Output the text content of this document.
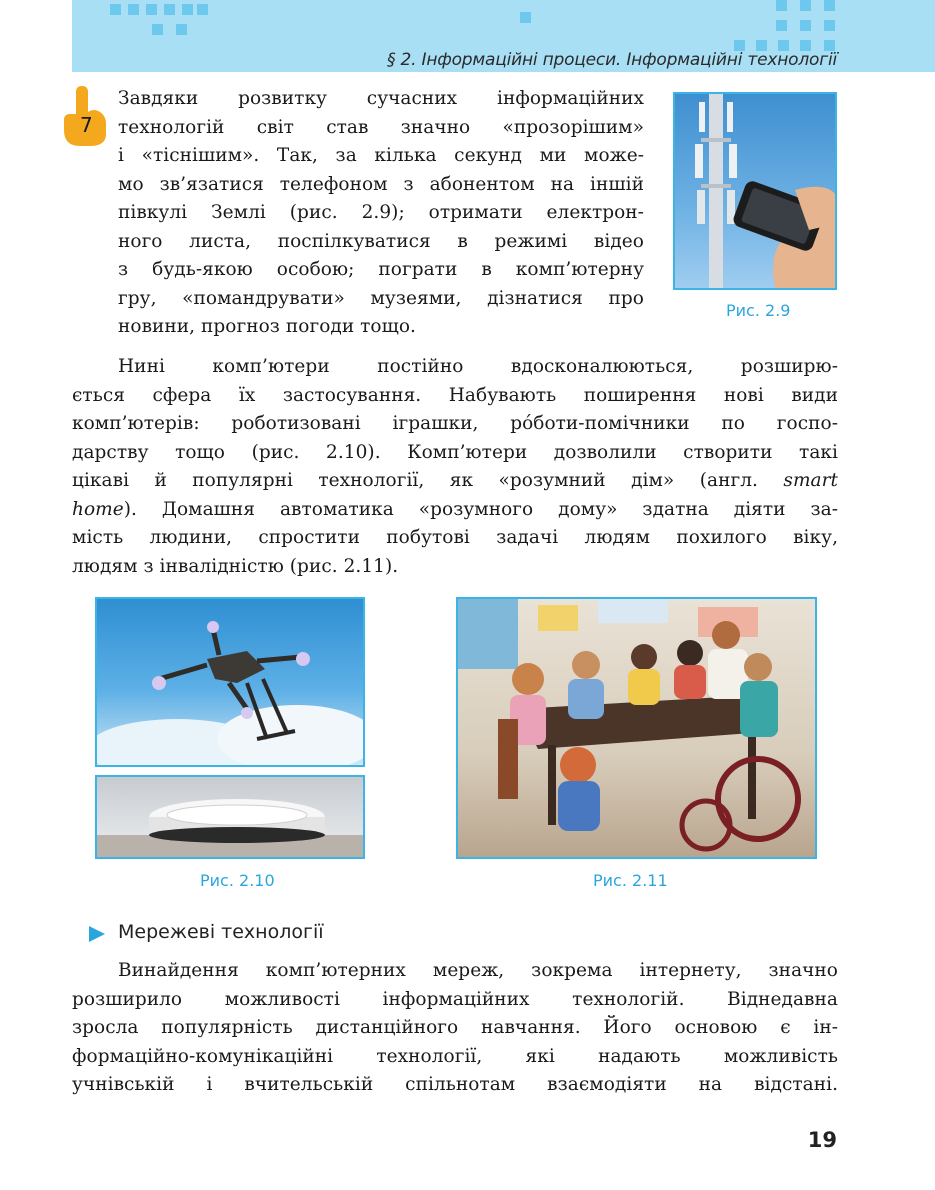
§ 2. Інформаційні процеси. Інформаційні технології
7
Завдяки розвитку сучасних інформаційних
технологій світ став значно «прозорішим»
і «тіснішим». Так, за кілька секунд ми може-
мо зв’язатися телефоном з абонентом на іншій
півкулі Землі (рис. 2.9); отримати електрон-
ного листа, поспілкуватися в режимі відео
з будь-якою особою; пограти в комп’ютерну
гру, «помандрувати» музеями, дізнатися про
новини, прогноз погоди тощо.
Рис. 2.9
Нині комп’ютери постійно вдосконалюються, розширю-
ється сфера їх застосування. Набувають поширення нові види
комп’ютерів: роботизовані іграшки, ро́боти-помічники по госпо-
дарству тощо (рис. 2.10). Комп’ютери дозволили створити такі
цікаві й популярні технології, як «розумний дім» (англ. smart
home). Домашня автоматика «розумного дому» здатна діяти за-
мість людини, спростити побутові задачі людям похилого віку,
людям з інвалідністю (рис. 2.11).
Рис. 2.10	Рис. 2.11
Мережеві технології
Винайдення комп’ютерних мереж, зокрема інтернету, значно
розширило можливості інформаційних технологій. Віднедавна
зросла популярність дистанційного навчання. Його основою є ін-
формаційно-комунікаційні технології, які надають можливість
учнівській і вчительській спільнотам взаємодіяти на відстані.
19
